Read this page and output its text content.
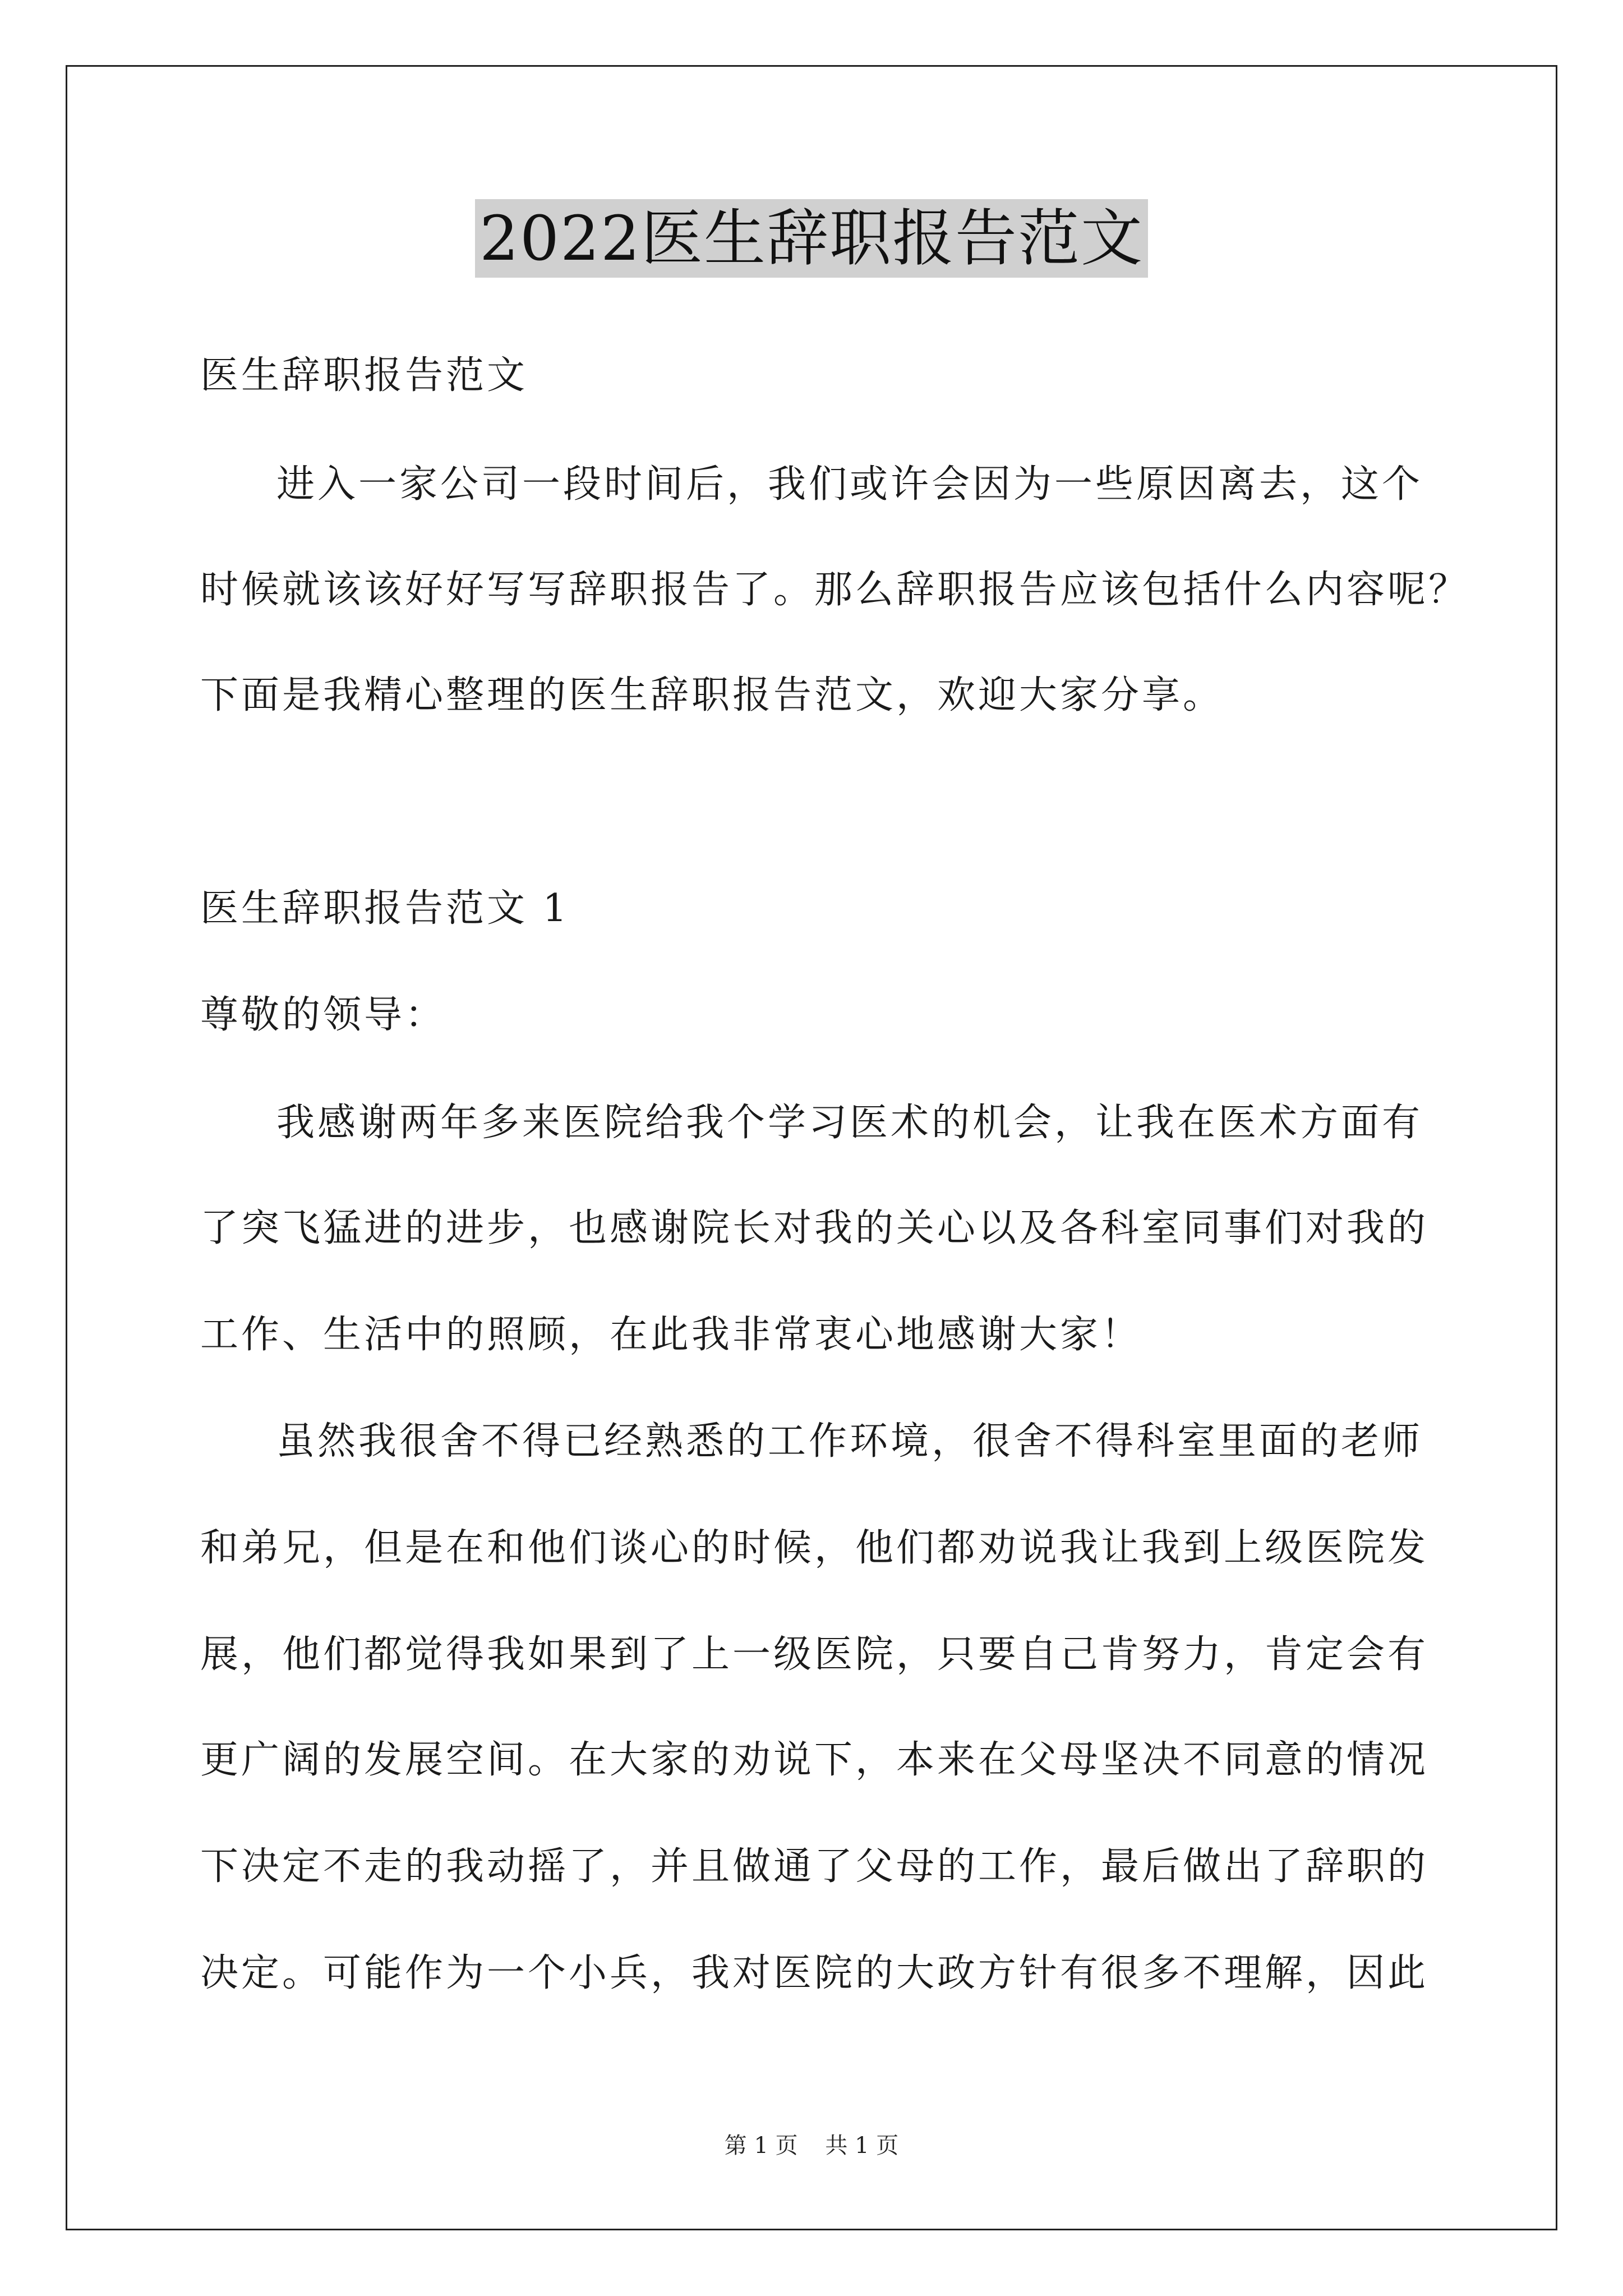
2022医生辞职报告范文
医生辞职报告范文
进入一家公司一段时间后，我们或许会因为一些原因离去，这个
时候就该该好好写写辞职报告了。那么辞职报告应该包括什么内容呢？
下面是我精心整理的医生辞职报告范文，欢迎大家分享。
医生辞职报告范文 1
尊敬的领导：
我感谢两年多来医院给我个学习医术的机会，让我在医术方面有
了突飞猛进的进步，也感谢院长对我的关心以及各科室同事们对我的
工作、生活中的照顾，在此我非常衷心地感谢大家！
虽然我很舍不得已经熟悉的工作环境，很舍不得科室里面的老师
和弟兄，但是在和他们谈心的时候，他们都劝说我让我到上级医院发
展，他们都觉得我如果到了上一级医院，只要自己肯努力，肯定会有
更广阔的发展空间。在大家的劝说下，本来在父母坚决不同意的情况
下决定不走的我动摇了，并且做通了父母的工作，最后做出了辞职的
决定。可能作为一个小兵，我对医院的大政方针有很多不理解，因此
第 1 页 共 1 页
